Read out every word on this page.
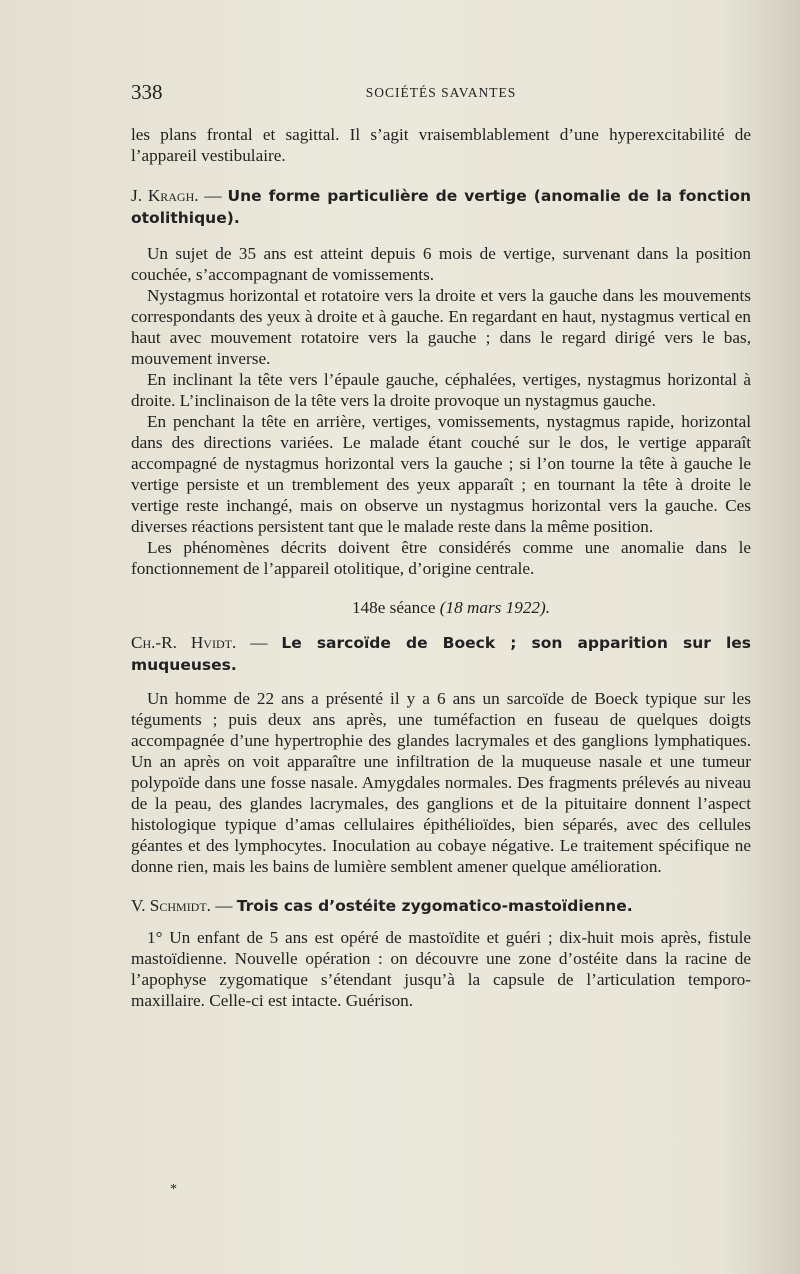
338	SOCIÉTÉS SAVANTES

les plans frontal et sagittal. Il s’agit vraisemblablement d’une hyperexcitabilité de l’appareil vestibulaire.

J. Kragh. — Une forme particulière de vertige (anomalie de la fonction otolithique).

Un sujet de 35 ans est atteint depuis 6 mois de vertige, survenant dans la position couchée, s’accompagnant de vomissements.

Nystagmus horizontal et rotatoire vers la droite et vers la gauche dans les mouvements correspondants des yeux à droite et à gauche. En regardant en haut, nystagmus vertical en haut avec mouvement rotatoire vers la gauche ; dans le regard dirigé vers le bas, mouvement inverse.

En inclinant la tête vers l’épaule gauche, céphalées, vertiges, nystagmus horizontal à droite. L’inclinaison de la tête vers la droite provoque un nystagmus gauche.

En penchant la tête en arrière, vertiges, vomissements, nystagmus rapide, horizontal dans des directions variées. Le malade étant couché sur le dos, le vertige apparaît accompagné de nystagmus horizontal vers la gauche ; si l’on tourne la tête à gauche le vertige persiste et un tremblement des yeux apparaît ; en tournant la tête à droite le vertige reste inchangé, mais on observe un nystagmus horizontal vers la gauche. Ces diverses réactions persistent tant que le malade reste dans la même position.

Les phénomènes décrits doivent être considérés comme une anomalie dans le fonctionnement de l’appareil otolitique, d’origine centrale.

148e séance (18 mars 1922).

Ch.-R. Hvidt. — Le sarcoïde de Boeck ; son apparition sur les muqueuses.

Un homme de 22 ans a présenté il y a 6 ans un sarcoïde de Boeck typique sur les téguments ; puis deux ans après, une tuméfaction en fuseau de quelques doigts accompagnée d’une hypertrophie des glandes lacrymales et des ganglions lymphatiques. Un an après on voit apparaître une infiltration de la muqueuse nasale et une tumeur polypoïde dans une fosse nasale. Amygdales normales. Des fragments prélevés au niveau de la peau, des glandes lacrymales, des ganglions et de la pituitaire donnent l’aspect histologique typique d’amas cellulaires épithélioïdes, bien séparés, avec des cellules géantes et des lymphocytes. Inoculation au cobaye négative. Le traitement spécifique ne donne rien, mais les bains de lumière semblent amener quelque amélioration.

V. Schmidt. — Trois cas d’ostéite zygomatico-mastoïdienne.

1° Un enfant de 5 ans est opéré de mastoïdite et guéri ; dix-huit mois après, fistule mastoïdienne. Nouvelle opération : on découvre une zone d’ostéite dans la racine de l’apophyse zygomatique s’étendant jusqu’à la capsule de l’articulation temporo-maxillaire. Celle-ci est intacte. Guérison.

*
